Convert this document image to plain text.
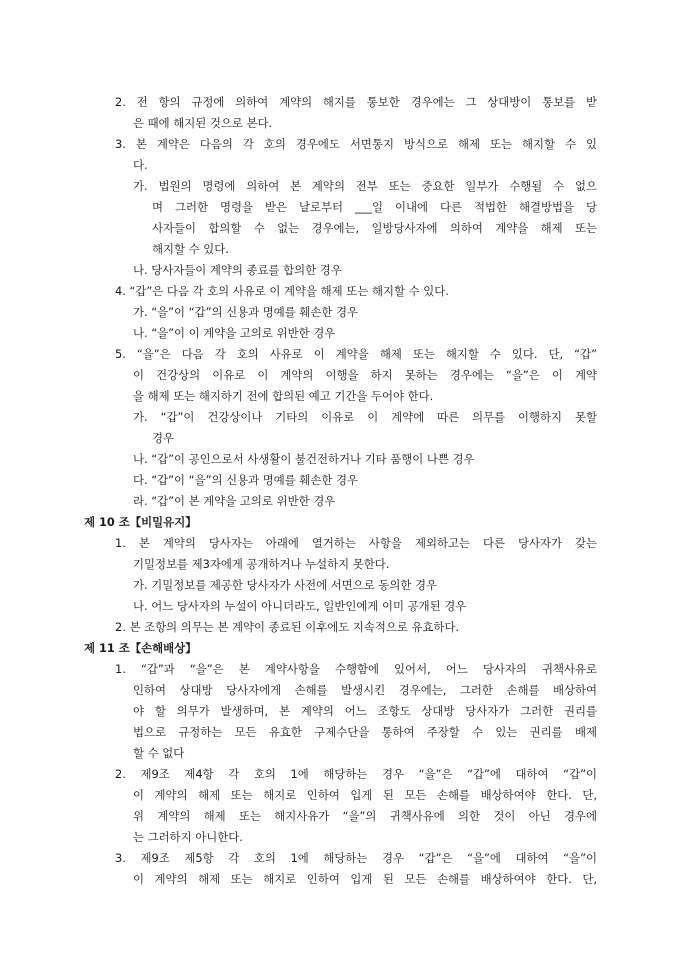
2. 전 항의 규정에 의하여 계약의 해지를 통보한 경우에는 그 상대방이 통보를 받
은 때에 해지된 것으로 본다.
3. 본 계약은 다음의 각 호의 경우에도 서면통지 방식으로 해제 또는 해지할 수 있
다.
가. 법원의 명령에 의하여 본 계약의 전부 또는 중요한 일부가 수행될 수 없으
며 그러한 명령을 받은 날로부터 ___일 이내에 다른 적법한 해결방법을 당
사자들이 합의할 수 없는 경우에는, 일방당사자에 의하여 계약을 해제 또는
해지할 수 있다.
나. 당사자들이 계약의 종료를 합의한 경우
4. “갑”은 다음 각 호의 사유로 이 계약을 해제 또는 해지할 수 있다.
가. “을”이 “갑”의 신용과 명예를 훼손한 경우
나. “을”이 이 계약을 고의로 위반한 경우
5. “을”은 다음 각 호의 사유로 이 계약을 해제 또는 해지할 수 있다. 단, “갑”
이 건강상의 이유로 이 계약의 이행을 하지 못하는 경우에는 “을”은 이 계약
을 해제 또는 해지하기 전에 합의된 예고 기간을 두어야 한다.
가. “갑”이 건강상이나 기타의 이유로 이 계약에 따른 의무를 이행하지 못할
경우
나. “갑”이 공인으로서 사생활이 불건전하거나 기타 품행이 나쁜 경우
다. “갑”이 “을”의 신용과 명예를 훼손한 경우
라. “갑”이 본 계약을 고의로 위반한 경우
제 10 조【비밀유지】
1. 본 계약의 당사자는 아래에 열거하는 사항을 제외하고는 다른 당사자가 갖는
기밀정보를 제3자에게 공개하거나 누설하지 못한다.
가. 기밀정보를 제공한 당사자가 사전에 서면으로 동의한 경우
나. 어느 당사자의 누설이 아니더라도, 일반인에게 이미 공개된 경우
2. 본 조항의 의무는 본 계약이 종료된 이후에도 지속적으로 유효하다.
제 11 조【손해배상】
1. “갑”과 “을”은 본 계약사항을 수행함에 있어서, 어느 당사자의 귀책사유로
인하여 상대방 당사자에게 손해를 발생시킨 경우에는, 그러한 손해를 배상하여
야 할 의무가 발생하며, 본 계약의 어느 조항도 상대방 당사자가 그러한 권리를
법으로 규정하는 모든 유효한 구제수단을 통하여 주장할 수 있는 권리를 배제
할 수 없다
2. 제9조 제4항 각 호의 1에 해당하는 경우 “을”은 “갑”에 대하여 “갑”이
이 계약의 해제 또는 해지로 인하여 입게 된 모든 손해를 배상하여야 한다. 단,
위 계약의 해제 또는 해지사유가 “을”의 귀책사유에 의한 것이 아닌 경우에
는 그러하지 아니한다.
3. 제9조 제5항 각 호의 1에 해당하는 경우 “갑”은 “을”에 대하여 “을”이
이 계약의 해제 또는 해지로 인하여 입게 된 모든 손해를 배상하여야 한다. 단,
